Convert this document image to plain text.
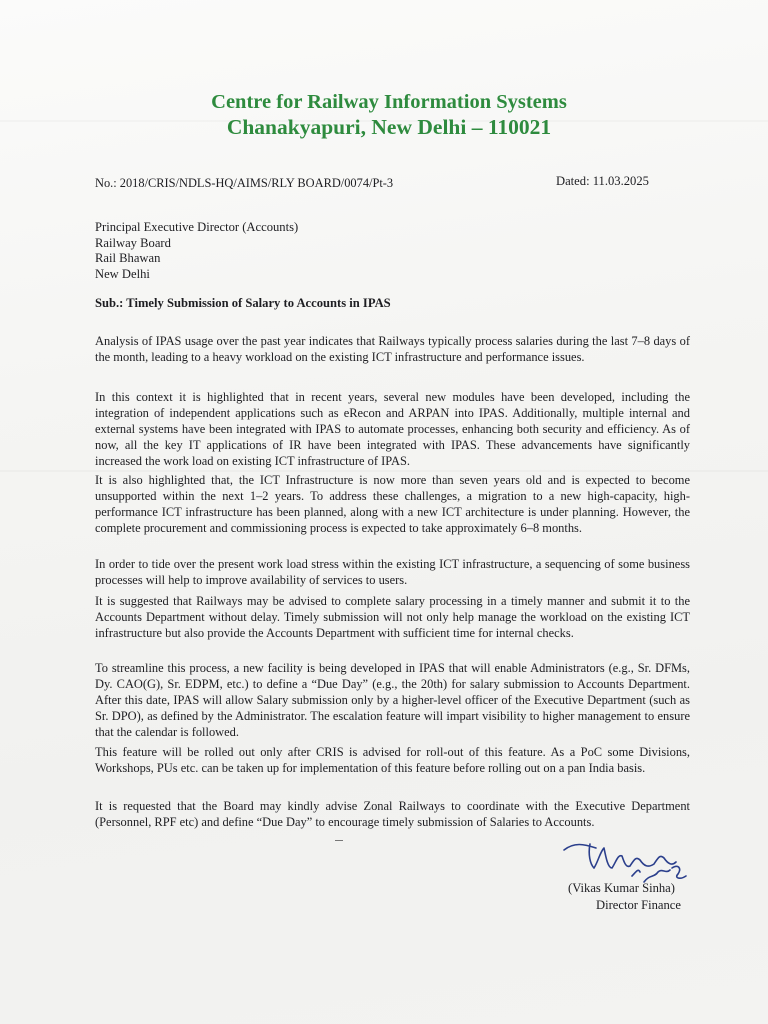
Centre for Railway Information Systems
Chanakyapuri, New Delhi – 110021
No.: 2018/CRIS/NDLS-HQ/AIMS/RLY BOARD/0074/Pt-3	Dated: 11.03.2025
Principal Executive Director (Accounts)
Railway Board
Rail Bhawan
New Delhi
Sub.: Timely Submission of Salary to Accounts in IPAS

Analysis of IPAS usage over the past year indicates that Railways typically process salaries during the last 7–8 days of the month, leading to a heavy workload on the existing ICT infrastructure and performance issues.

In this context it is highlighted that in recent years, several new modules have been developed, including the integration of independent applications such as eRecon and ARPAN into IPAS. Additionally, multiple internal and external systems have been integrated with IPAS to automate processes, enhancing both security and efficiency. As of now, all the key IT applications of IR have been integrated with IPAS. These advancements have significantly increased the work load on existing ICT infrastructure of IPAS.

It is also highlighted that, the ICT Infrastructure is now more than seven years old and is expected to become unsupported within the next 1–2 years. To address these challenges, a migration to a new high-capacity, high-performance ICT infrastructure has been planned, along with a new ICT architecture is under planning. However, the complete procurement and commissioning process is expected to take approximately 6–8 months.

In order to tide over the present work load stress within the existing ICT infrastructure, a sequencing of some business processes will help to improve availability of services to users.

It is suggested that Railways may be advised to complete salary processing in a timely manner and submit it to the Accounts Department without delay. Timely submission will not only help manage the workload on the existing ICT infrastructure but also provide the Accounts Department with sufficient time for internal checks.

To streamline this process, a new facility is being developed in IPAS that will enable Administrators (e.g., Sr. DFMs, Dy. CAO(G), Sr. EDPM, etc.) to define a “Due Day” (e.g., the 20th) for salary submission to Accounts Department. After this date, IPAS will allow Salary submission only by a higher-level officer of the Executive Department (such as Sr. DPO), as defined by the Administrator. The escalation feature will impart visibility to higher management to ensure that the calendar is followed.

This feature will be rolled out only after CRIS is advised for roll-out of this feature. As a PoC some Divisions, Workshops, PUs etc. can be taken up for implementation of this feature before rolling out on a pan India basis.

It is requested that the Board may kindly advise Zonal Railways to coordinate with the Executive Department (Personnel, RPF etc) and define “Due Day” to encourage timely submission of Salaries to Accounts.

(Vikas Kumar Sinha)
Director Finance
